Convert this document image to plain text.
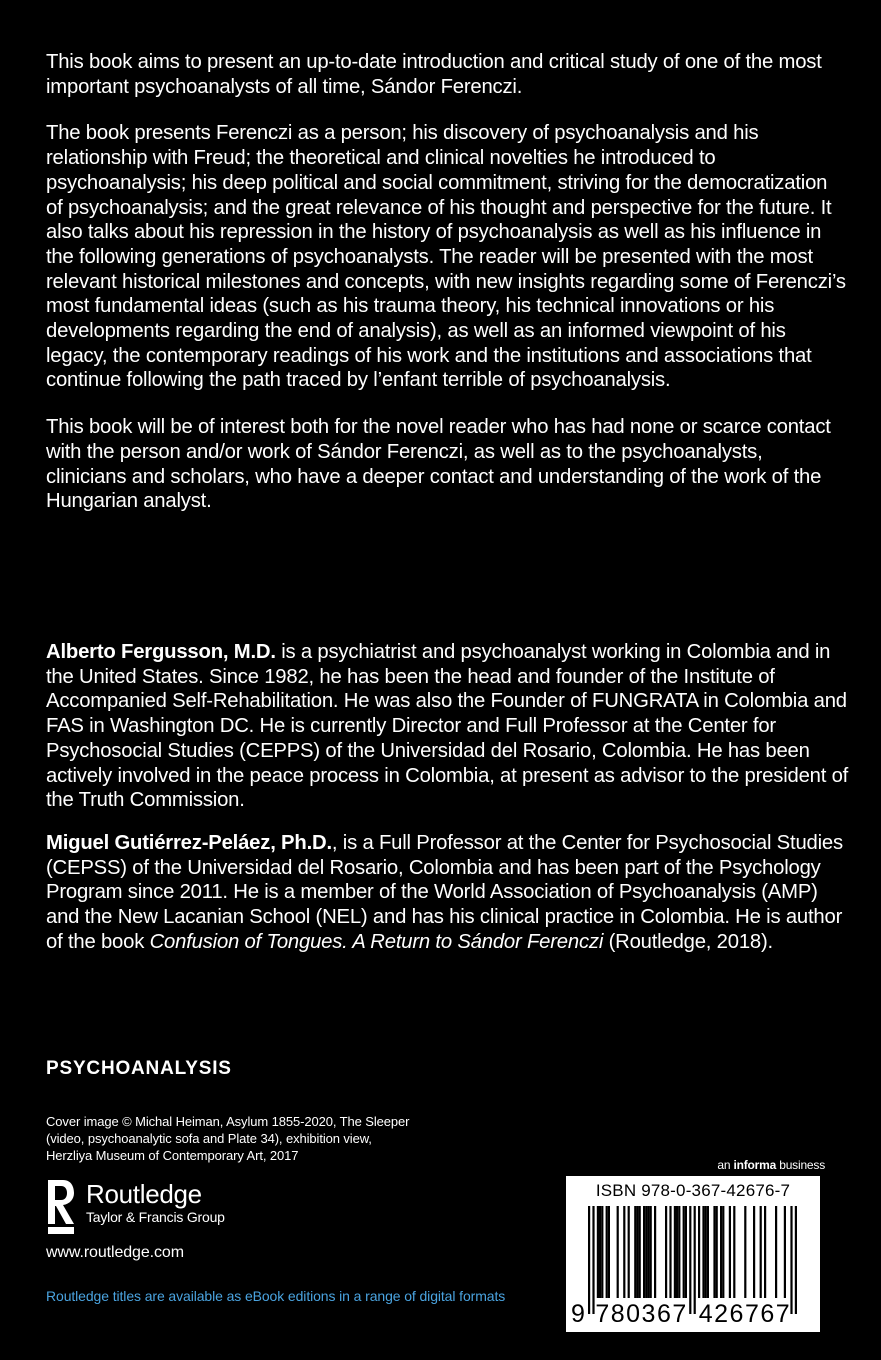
This book aims to present an up-to-date introduction and critical study of one of the most important psychoanalysts of all time, Sándor Ferenczi.

The book presents Ferenczi as a person; his discovery of psychoanalysis and his relationship with Freud; the theoretical and clinical novelties he introduced to psychoanalysis; his deep political and social commitment, striving for the democratization of psychoanalysis; and the great relevance of his thought and perspective for the future. It also talks about his repression in the history of psychoanalysis as well as his influence in the following generations of psychoanalysts. The reader will be presented with the most relevant historical milestones and concepts, with new insights regarding some of Ferenczi’s most fundamental ideas (such as his trauma theory, his technical innovations or his developments regarding the end of analysis), as well as an informed viewpoint of his legacy, the contemporary readings of his work and the institutions and associations that continue following the path traced by l’enfant terrible of psychoanalysis.

This book will be of interest both for the novel reader who has had none or scarce contact with the person and/or work of Sándor Ferenczi, as well as to the psychoanalysts, clinicians and scholars, who have a deeper contact and understanding of the work of the Hungarian analyst.

Alberto Fergusson, M.D. is a psychiatrist and psychoanalyst working in Colombia and in the United States. Since 1982, he has been the head and founder of the Institute of Accompanied Self-Rehabilitation. He was also the Founder of FUNGRATA in Colombia and FAS in Washington DC. He is currently Director and Full Professor at the Center for Psychosocial Studies (CEPPS) of the Universidad del Rosario, Colombia. He has been actively involved in the peace process in Colombia, at present as advisor to the president of the Truth Commission.

Miguel Gutiérrez-Peláez, Ph.D., is a Full Professor at the Center for Psychosocial Studies (CEPSS) of the Universidad del Rosario, Colombia and has been part of the Psychology Program since 2011. He is a member of the World Association of Psychoanalysis (AMP) and the New Lacanian School (NEL) and has his clinical practice in Colombia. He is author of the book Confusion of Tongues. A Return to Sándor Ferenczi (Routledge, 2018).

PSYCHOANALYSIS
Cover image © Michal Heiman, Asylum 1855-2020, The Sleeper
(video, psychoanalytic sofa and Plate 34), exhibition view,
Herzliya Museum of Contemporary Art, 2017
Routledge
Taylor & Francis Group
www.routledge.com
Routledge titles are available as eBook editions in a range of digital formats
an informa business
ISBN 978-0-367-42676-7
9 7 8 0 3 6 7 4 2 6 7 6 7
